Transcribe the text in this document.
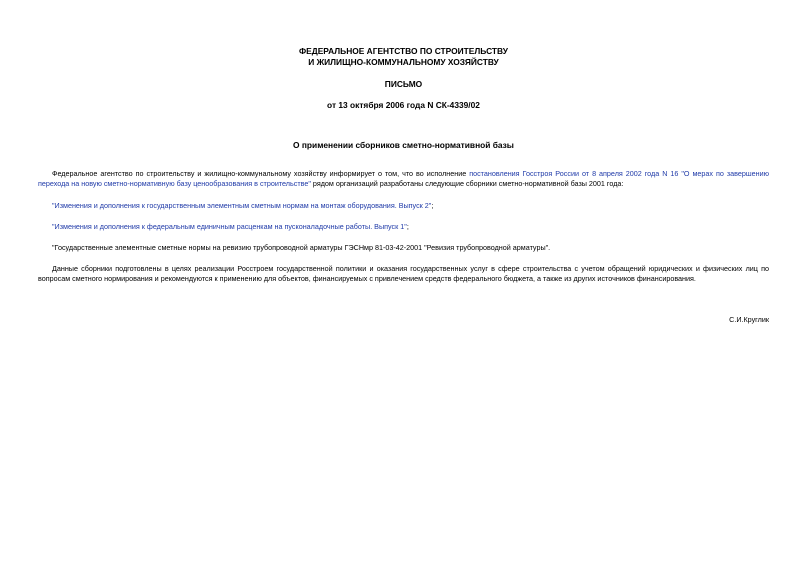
ФЕДЕРАЛЬНОЕ АГЕНТСТВО ПО СТРОИТЕЛЬСТВУ
И ЖИЛИЩНО-КОММУНАЛЬНОМУ ХОЗЯЙСТВУ
ПИСЬМО
от 13 октября 2006 года N СК-4339/02
О применении сборников сметно-нормативной базы
Федеральное агентство по строительству и жилищно-коммунальному хозяйству информирует о том, что во исполнение постановления Госстроя России от 8 апреля 2002 года N 16 "О мерах по завершению перехода на новую сметно-нормативную базу ценообразования в строительстве" рядом организаций разработаны следующие сборники сметно-нормативной базы 2001 года:
"Изменения и дополнения к государственным элементным сметным нормам на монтаж оборудования. Выпуск 2";
"Изменения и дополнения к федеральным единичным расценкам на пусконаладочные работы. Выпуск 1";
"Государственные элементные сметные нормы на ревизию трубопроводной арматуры ГЭСНмр 81-03-42-2001 "Ревизия трубопроводной арматуры".
Данные сборники подготовлены в целях реализации Росстроем государственной политики и оказания государственных услуг в сфере строительства с учетом обращений юридических и физических лиц по вопросам сметного нормирования и рекомендуются к применению для объектов, финансируемых с привлечением средств федерального бюджета, а также из других источников финансирования.
С.И.Круглик
